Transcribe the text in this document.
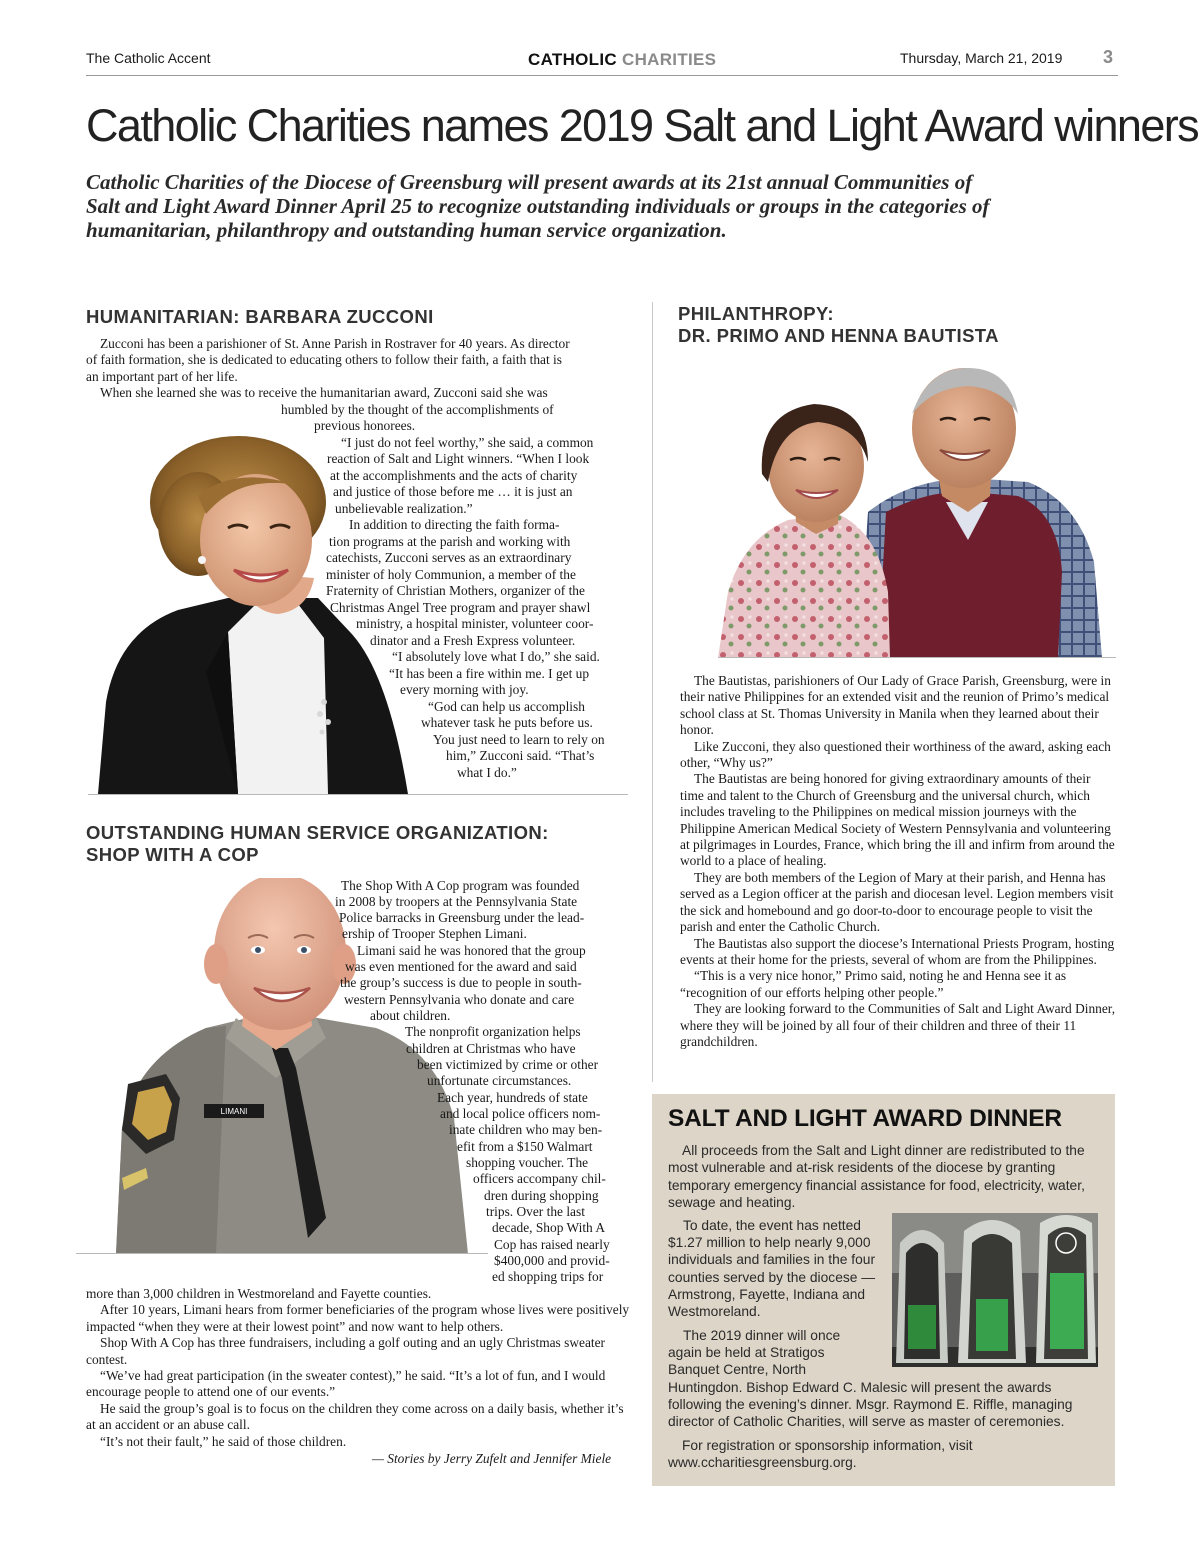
The Catholic Accent	CATHOLIC CHARITIES	Thursday, March 21, 2019 3
Catholic Charities names 2019 Salt and Light Award winners
Catholic Charities of the Diocese of Greensburg will present awards at its 21st annual Communities of Salt and Light Award Dinner April 25 to recognize outstanding individuals or groups in the categories of humanitarian, philanthropy and outstanding human service organization.
HUMANITARIAN: BARBARA ZUCCONI
Zucconi has been a parishioner of St. Anne Parish in Rostraver for 40 years. As director
of faith formation, she is dedicated to educating others to follow their faith, a faith that is
an important part of her life.
When she learned she was to receive the humanitarian award, Zucconi said she was
humbled by the thought of the accomplishments of
previous honorees.
“I just do not feel worthy,” she said, a common
reaction of Salt and Light winners. “When I look
at the accomplishments and the acts of charity
and justice of those before me … it is just an
unbelievable realization.”
In addition to directing the faith forma-
tion programs at the parish and working with
catechists, Zucconi serves as an extraordinary
minister of holy Communion, a member of the
Fraternity of Christian Mothers, organizer of the
Christmas Angel Tree program and prayer shawl
ministry, a hospital minister, volunteer coor-
dinator and a Fresh Express volunteer.
“I absolutely love what I do,” she said.
“It has been a fire within me. I get up
every morning with joy.
“God can help us accomplish
whatever task he puts before us.
You just need to learn to rely on
him,” Zucconi said. “That’s
what I do.”
OUTSTANDING HUMAN SERVICE ORGANIZATION:
SHOP WITH A COP
LIMANI
The Shop With A Cop program was founded
in 2008 by troopers at the Pennsylvania State
Police barracks in Greensburg under the lead-
ership of Trooper Stephen Limani.
Limani said he was honored that the group
was even mentioned for the award and said
the group’s success is due to people in south-
western Pennsylvania who donate and care
about children.
The nonprofit organization helps
children at Christmas who have
been victimized by crime or other
unfortunate circumstances.
Each year, hundreds of state
and local police officers nom-
inate children who may ben-
efit from a $150 Walmart
shopping voucher. The
officers accompany chil-
dren during shopping
trips. Over the last
decade, Shop With A
Cop has raised nearly
$400,000 and provid-
ed shopping trips for

more than 3,000 children in Westmoreland and Fayette counties.

After 10 years, Limani hears from former beneficiaries of the program whose lives were positively impacted “when they were at their lowest point” and now want to help others.

Shop With A Cop has three fundraisers, including a golf outing and an ugly Christmas sweater contest.

“We’ve had great participation (in the sweater contest),” he said. “It’s a lot of fun, and I would encourage people to attend one of our events.”

He said the group’s goal is to focus on the children they come across on a daily basis, whether it’s at an accident or an abuse call.

“It’s not their fault,” he said of those children.

— Stories by Jerry Zufelt and Jennifer Miele
PHILANTHROPY:
DR. PRIMO AND HENNA BAUTISTA

The Bautistas, parishioners of Our Lady of Grace Parish, Greensburg, were in their native Philippines for an extended visit and the reunion of Primo’s medical school class at St. Thomas University in Manila when they learned about their honor.

Like Zucconi, they also questioned their worthiness of the award, asking each other, “Why us?”

The Bautistas are being honored for giving extraordinary amounts of their time and talent to the Church of Greensburg and the universal church, which includes traveling to the Philippines on medical mission journeys with the Philippine American Medical Society of Western Pennsylvania and volunteering at pilgrimages in Lourdes, France, which bring the ill and infirm from around the world to a place of healing.

They are both members of the Legion of Mary at their parish, and Henna has served as a Legion officer at the parish and diocesan level. Legion members visit the sick and homebound and go door-to-door to encourage people to visit the parish and enter the Catholic Church.

The Bautistas also support the diocese’s International Priests Program, hosting events at their home for the priests, several of whom are from the Philippines.

“This is a very nice honor,” Primo said, noting he and Henna see it as “recognition of our efforts helping other people.”

They are looking forward to the Communities of Salt and Light Award Dinner, where they will be joined by all four of their children and three of their 11 grandchildren.

SALT AND LIGHT AWARD DINNER

All proceeds from the Salt and Light dinner are redistributed to the most vulnerable and at-risk residents of the diocese by granting temporary emergency financial assistance for food, electricity, water, sewage and heating.

To date, the event has netted
$1.27 million to help nearly 9,000
individuals and families in the four
counties served by the diocese —
Armstrong, Fayette, Indiana and
Westmoreland.
The 2019 dinner will once
again be held at Stratigos
Banquet Centre, North
Huntingdon. Bishop Edward C. Malesic will present the awards
following the evening’s dinner. Msgr. Raymond E. Riffle, managing
director of Catholic Charities, will serve as master of ceremonies.

For registration or sponsorship information, visit www.ccharitiesgreensburg.org.
